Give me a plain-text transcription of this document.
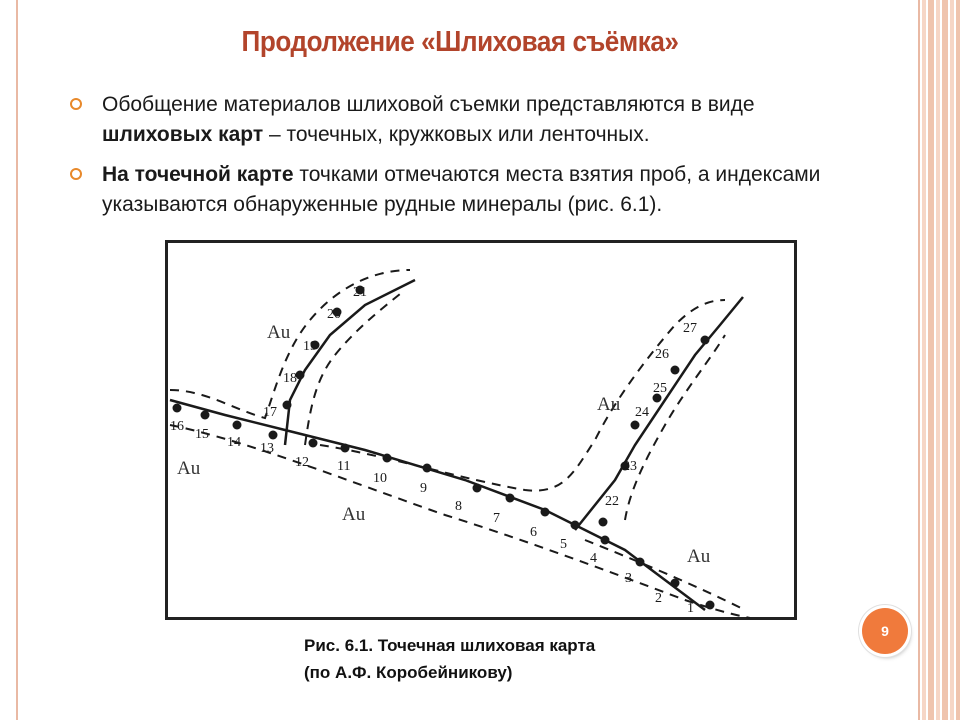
Продолжение «Шлиховая съёмка»
Обобщение материалов шлиховой съемки представляются в виде шлиховых карт – точечных, кружковых или ленточных.
На точечной карте точками отмечаются места взятия проб, а индексами указываются обнаруженные рудные минералы (рис. 6.1).
1
2
3
4
5
6
7
8
9
10
11
12
13
14
15
16
17
18
19
20
21
22
23
24
25
26
27
Au
Au
Au
Au
Au
Рис. 6.1. Точечная шлиховая карта
(по А.Ф. Коробейникову)
9
